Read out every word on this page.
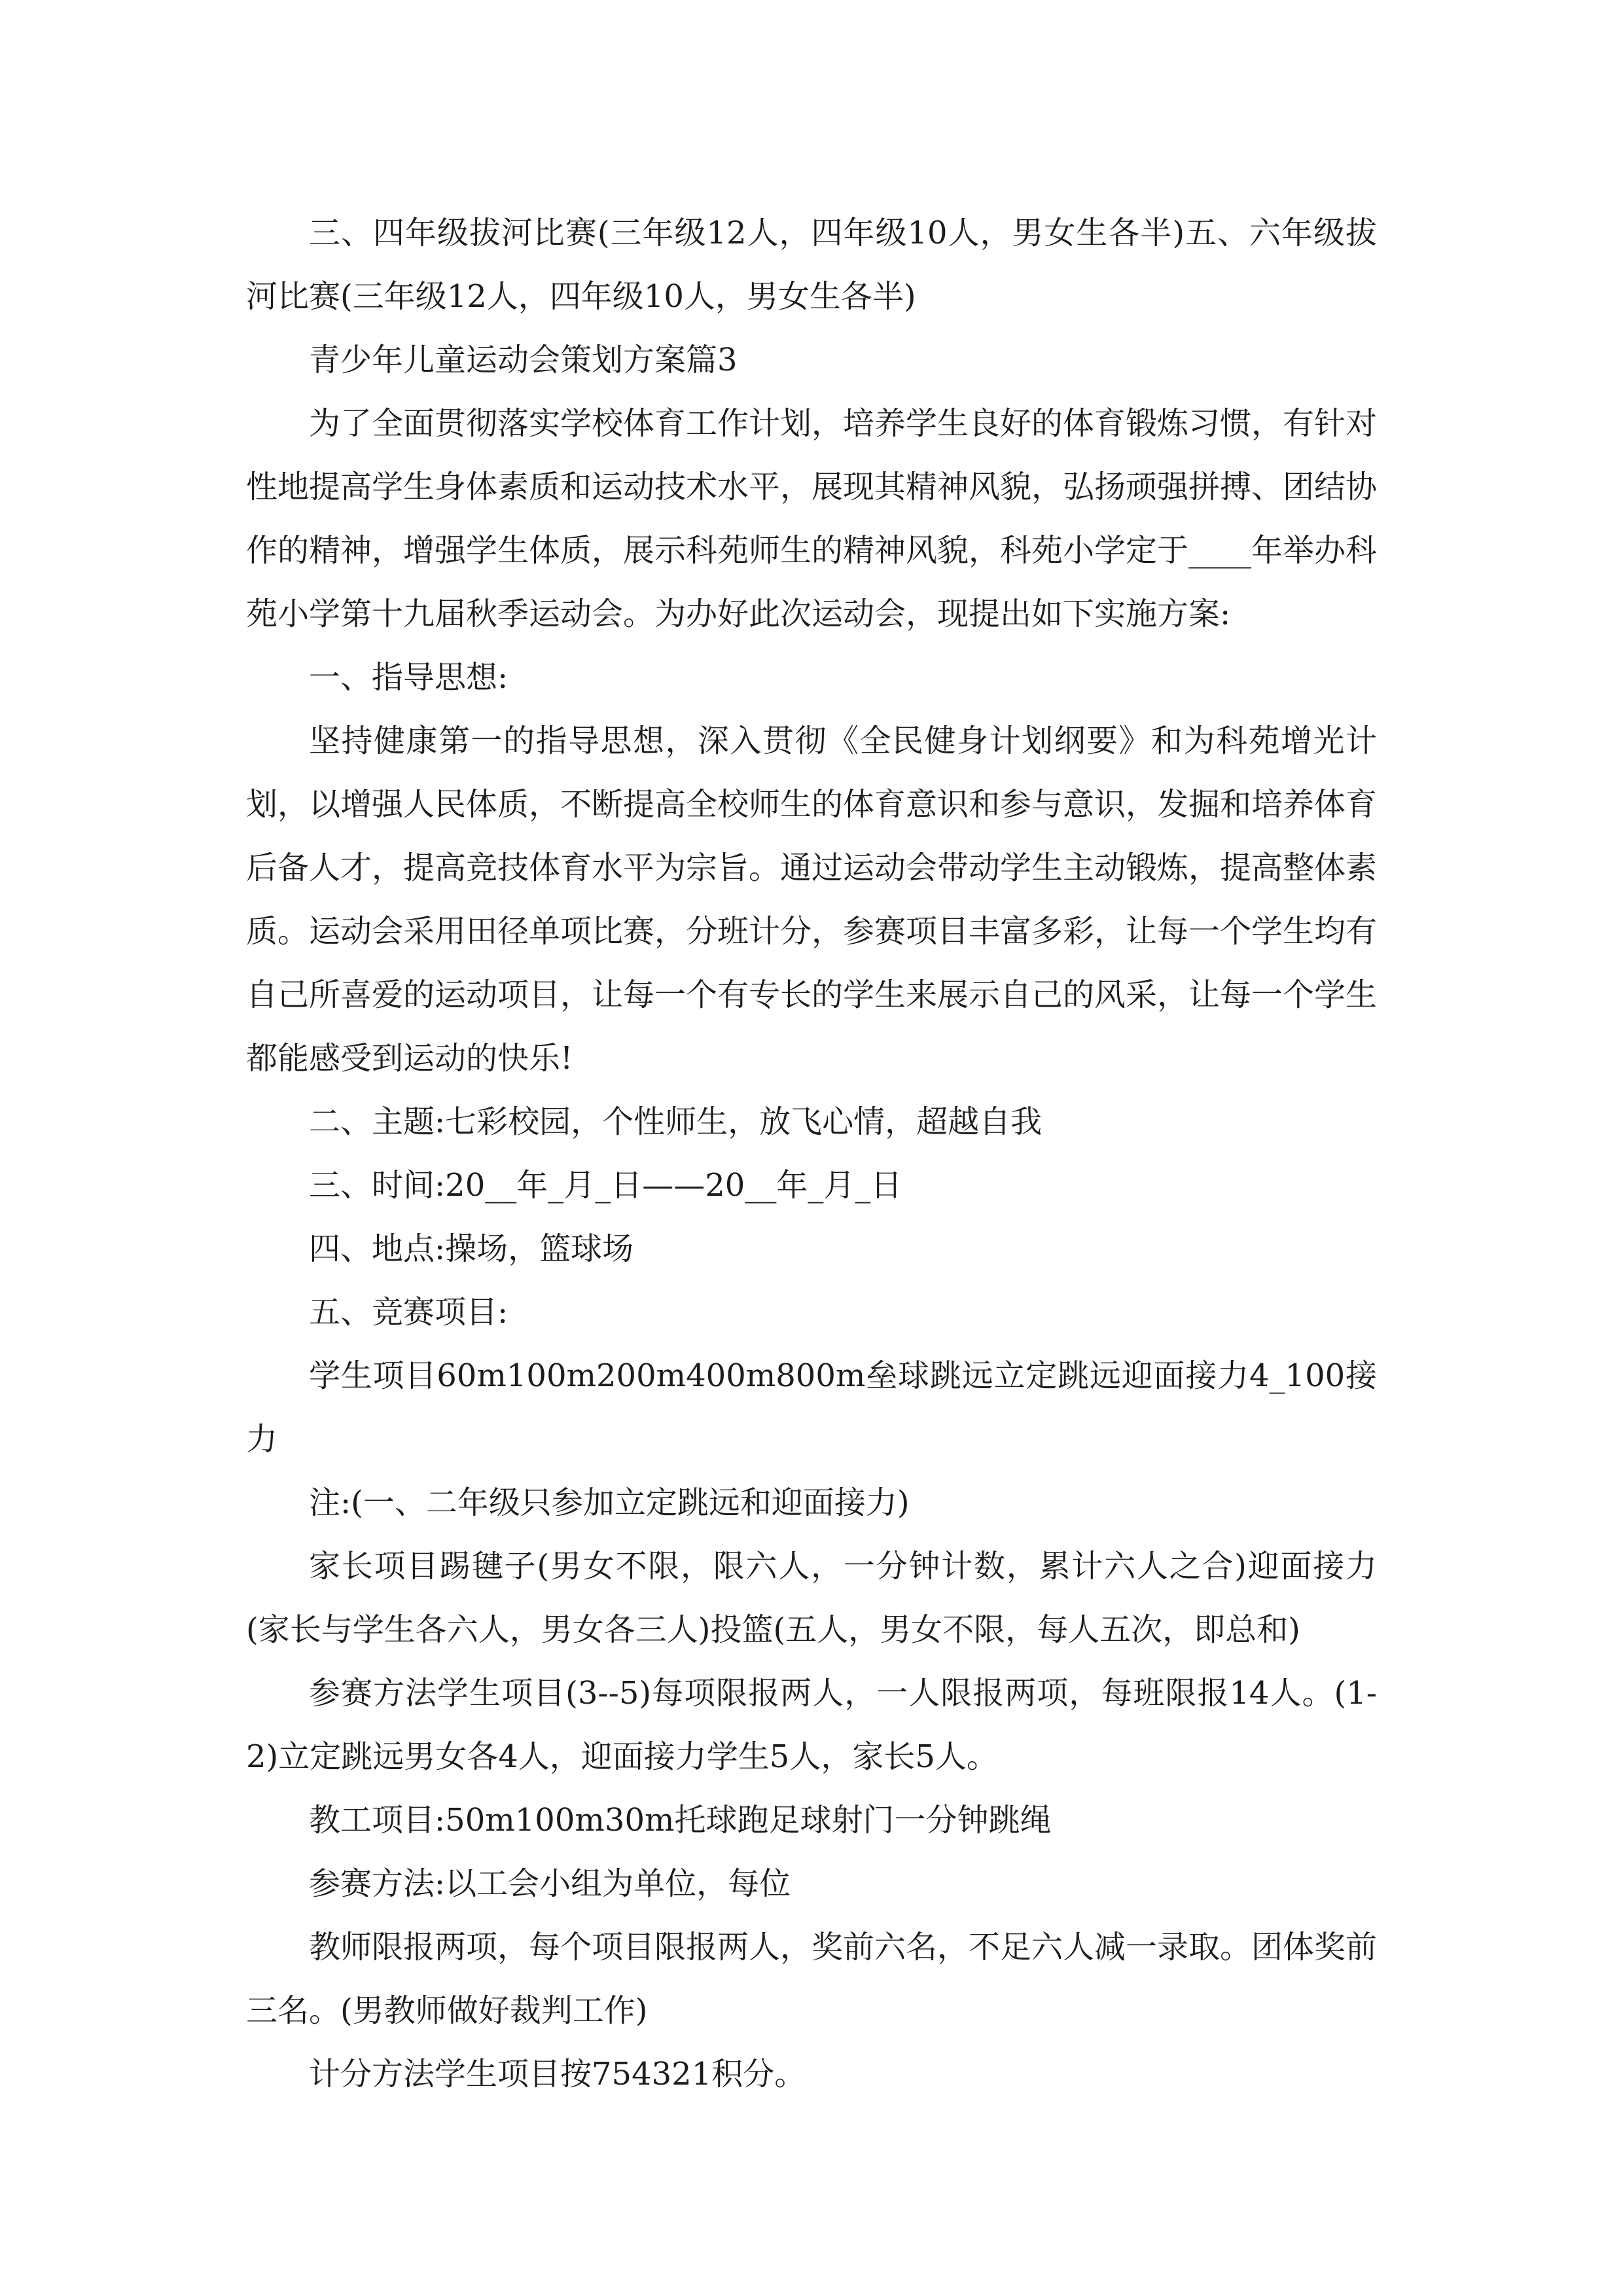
三、四年级拔河比赛(三年级12人，四年级10人，男女生各半)五、六年级拔河比赛(三年级12人，四年级10人，男女生各半)

青少年儿童运动会策划方案篇3

为了全面贯彻落实学校体育工作计划，培养学生良好的体育锻炼习惯，有针对性地提高学生身体素质和运动技术水平，展现其精神风貌，弘扬顽强拼搏、团结协作的精神，增强学生体质，展示科苑师生的精神风貌，科苑小学定于____年举办科苑小学第十九届秋季运动会。为办好此次运动会，现提出如下实施方案:

一、指导思想:

坚持健康第一的指导思想，深入贯彻《全民健身计划纲要》和为科苑增光计划，以增强人民体质，不断提高全校师生的体育意识和参与意识，发掘和培养体育后备人才，提高竞技体育水平为宗旨。通过运动会带动学生主动锻炼，提高整体素质。运动会采用田径单项比赛，分班计分，参赛项目丰富多彩，让每一个学生均有自己所喜爱的运动项目，让每一个有专长的学生来展示自己的风采，让每一个学生都能感受到运动的快乐!

二、主题:七彩校园，个性师生，放飞心情，超越自我

三、时间:20__年_月_日——20__年_月_日

四、地点:操场，篮球场

五、竞赛项目:

学生项目60m100m200m400m800m垒球跳远立定跳远迎面接力4_100接力

注:(一、二年级只参加立定跳远和迎面接力)

家长项目踢毽子(男女不限，限六人，一分钟计数，累计六人之合)迎面接力(家长与学生各六人，男女各三人)投篮(五人，男女不限，每人五次，即总和)

参赛方法学生项目(3--5)每项限报两人，一人限报两项，每班限报14人。(1-2)立定跳远男女各4人，迎面接力学生5人，家长5人。

教工项目:50m100m30m托球跑足球射门一分钟跳绳

参赛方法:以工会小组为单位，每位

教师限报两项，每个项目限报两人，奖前六名，不足六人减一录取。团体奖前三名。(男教师做好裁判工作)

计分方法学生项目按754321积分。
